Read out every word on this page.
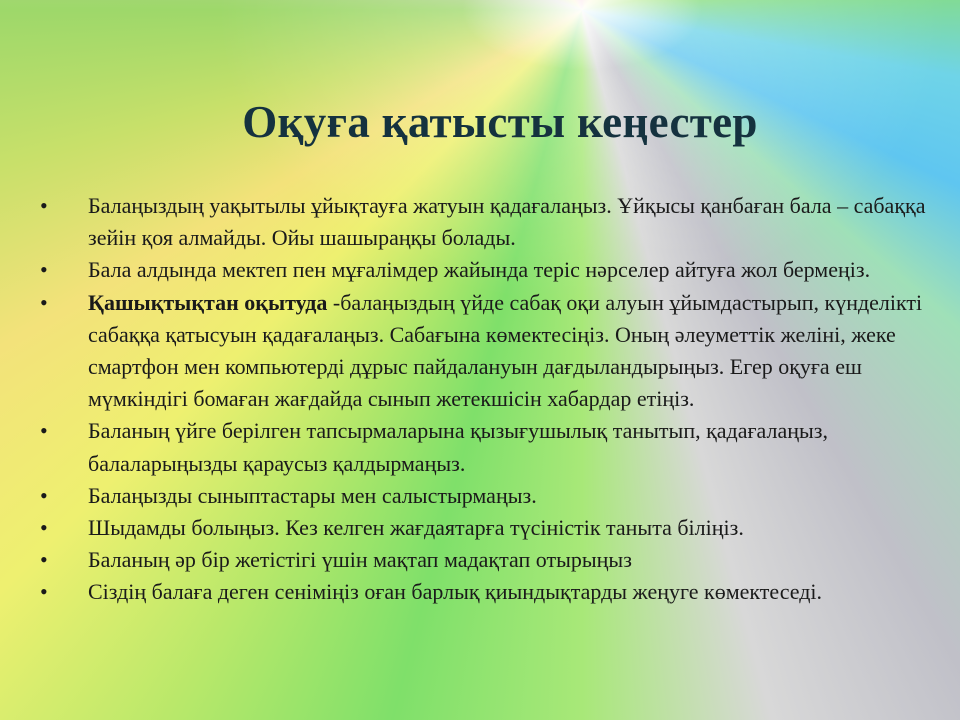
Оқуға қатысты кеңестер
• Балаңыздың уақытылы ұйықтауға жатуын қадағалаңыз. Ұйқысы қанбаған бала – сабаққа зейін қоя алмайды. Ойы шашыраңқы болады.
• Бала алдында мектеп пен мұғалімдер жайында теріс нәрселер айтуға жол бермеңіз.
• Қашықтықтан оқытуда -балаңыздың үйде сабақ оқи алуын ұйымдастырып, күнделікті сабаққа қатысуын қадағалаңыз. Сабағына көмектесіңіз. Оның әлеуметтік желіні, жеке смартфон мен компьютерді дұрыс пайдалануын дағдыландырыңыз. Егер оқуға еш мүмкіндігі бомаған жағдайда сынып жетекшісін хабардар етіңіз.
• Баланың үйге берілген тапсырмаларына қызығушылық танытып, қадағалаңыз, балаларыңызды қараусыз қалдырмаңыз.
• Балаңызды сыныптастары мен салыстырмаңыз.
• Шыдамды болыңыз. Кез келген жағдаятарға түсіністік таныта біліңіз.
• Баланың әр бір жетістігі үшін мақтап мадақтап отырыңыз
• Сіздің балаға деген сеніміңіз оған барлық қиындықтарды жеңуге көмектеседі.
